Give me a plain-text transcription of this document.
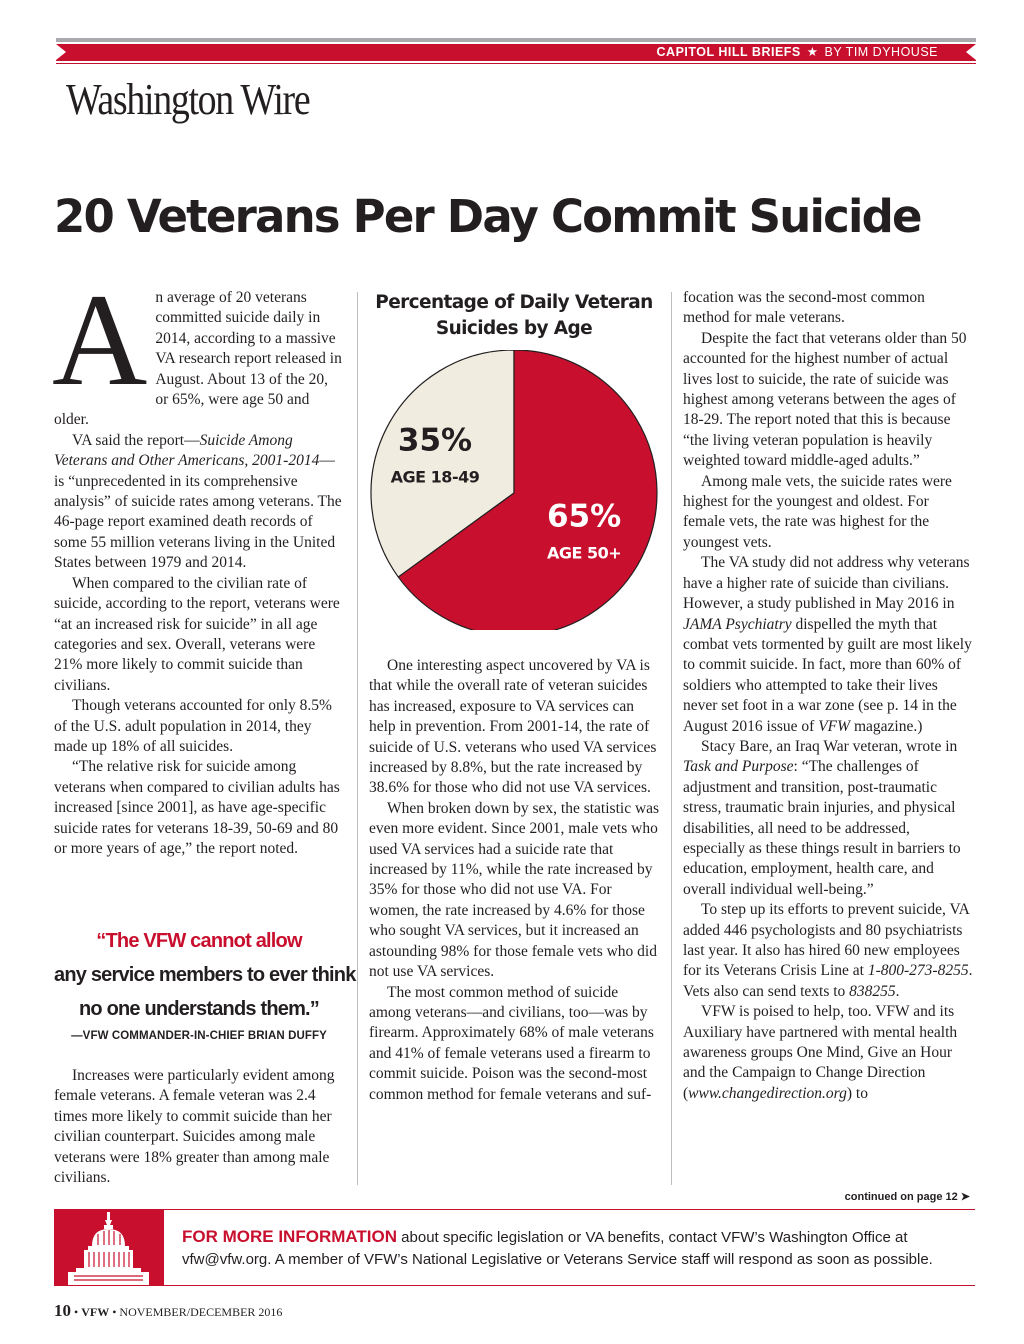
CAPITOL HILL BRIEFS ★ BY TIM DYHOUSE
Washington Wire
20 Veterans Per Day Commit Suicide

An average of 20 veterans committed suicide daily in 2014, according to a massive VA research report released in August. About 13 of the 20, or 65%, were age 50 and older.

VA said the report—Suicide Among Veterans and Other Americans, 2001-2014—is “unprecedented in its comprehensive analysis” of suicide rates among veterans. The 46-page report examined death records of some 55 million veterans living in the United States between 1979 and 2014.

When compared to the civilian rate of suicide, according to the report, veterans were “at an increased risk for suicide” in all age categories and sex. Overall, veterans were 21% more likely to commit suicide than civilians.

Though veterans accounted for only 8.5% of the U.S. adult population in 2014, they made up 18% of all suicides.

“The relative risk for suicide among veterans when compared to civilian adults has increased [since 2001], as have age-specific suicide rates for veterans 18-39, 50-69 and 80 or more years of age,” the report noted.

“The VFW cannot allow
any service members to ever think
no one understands them.”
—VFW COMMANDER-IN-CHIEF BRIAN DUFFY

Increases were particularly evident among female veterans. A female veteran was 2.4 times more likely to commit suicide than her civilian counterpart. Suicides among male veterans were 18% greater than among male civilians.

Percentage of Daily Veteran Suicides by Age
35%
AGE 18-49
65%
AGE 50+

One interesting aspect uncovered by VA is that while the overall rate of veteran suicides has increased, exposure to VA services can help in prevention. From 2001-14, the rate of suicide of U.S. veterans who used VA services increased by 8.8%, but the rate increased by 38.6% for those who did not use VA services.

When broken down by sex, the statistic was even more evident. Since 2001, male vets who used VA services had a suicide rate that increased by 11%, while the rate increased by 35% for those who did not use VA. For women, the rate increased by 4.6% for those who sought VA services, but it increased an astounding 98% for those female vets who did not use VA services.

The most common method of suicide among veterans—and civilians, too—was by firearm. Approximately 68% of male veterans and 41% of female veterans used a firearm to commit suicide. Poison was the second-most common method for female veterans and suf-

focation was the second-most common method for male veterans.

Despite the fact that veterans older than 50 accounted for the highest number of actual lives lost to suicide, the rate of suicide was highest among veterans between the ages of 18-29. The report noted that this is because “the living veteran population is heavily weighted toward middle-aged adults.”

Among male vets, the suicide rates were highest for the youngest and oldest. For female vets, the rate was highest for the youngest vets.

The VA study did not address why veterans have a higher rate of suicide than civilians. However, a study published in May 2016 in JAMA Psychiatry dispelled the myth that combat vets tormented by guilt are most likely to commit suicide. In fact, more than 60% of soldiers who attempted to take their lives never set foot in a war zone (see p. 14 in the August 2016 issue of VFW magazine.)

Stacy Bare, an Iraq War veteran, wrote in Task and Purpose: “The challenges of adjustment and transition, post-traumatic stress, traumatic brain injuries, and physical disabilities, all need to be addressed, especially as these things result in barriers to education, employment, health care, and overall individual well-being.”

To step up its efforts to prevent suicide, VA added 446 psychologists and 80 psychiatrists last year. It also has hired 60 new employees for its Veterans Crisis Line at 1-800-273-8255. Vets also can send texts to 838255.

VFW is poised to help, too. VFW and its Auxiliary have partnered with mental health awareness groups One Mind, Give an Hour and the Campaign to Change Direction (www.changedirection.org) to

continued on page 12 ➤
FOR MORE INFORMATION about specific legislation or VA benefits, contact VFW’s Washington Office at vfw@vfw.org. A member of VFW’s National Legislative or Veterans Service staff will respond as soon as possible.
10 • VFW • NOVEMBER/DECEMBER 2016
